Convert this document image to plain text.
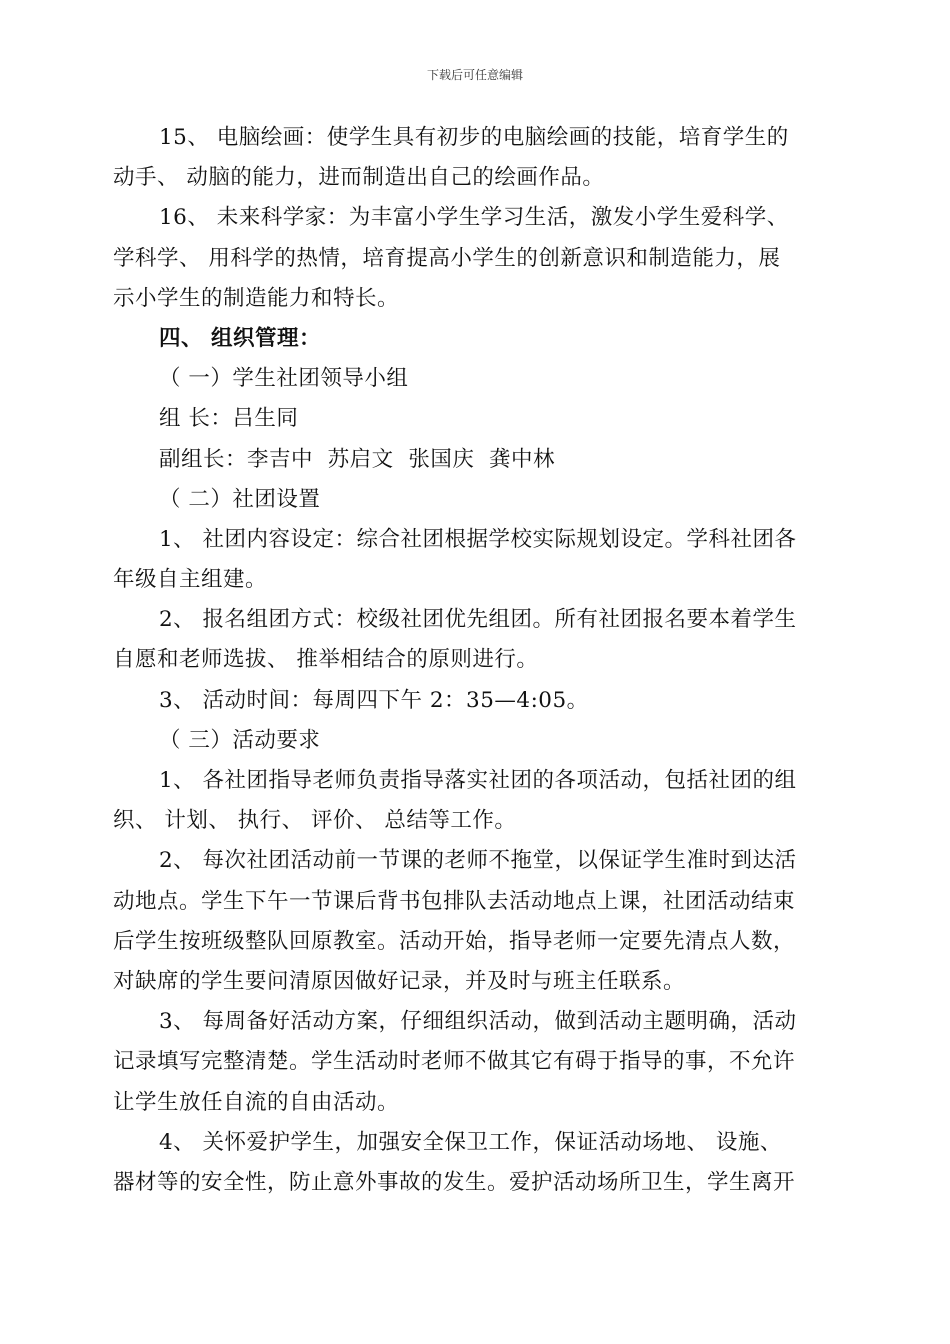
下载后可任意编辑
15、 电脑绘画：使学生具有初步的电脑绘画的技能，培育学生的
动手、 动脑的能力，进而制造出自己的绘画作品。
16、 未来科学家：为丰富小学生学习生活，激发小学生爱科学、
学科学、 用科学的热情，培育提高小学生的创新意识和制造能力，展
示小学生的制造能力和特长。
四、 组织管理：
（ 一）学生社团领导小组
组 长：吕生同
副组长：李吉中  苏启文  张国庆  龚中林
（ 二）社团设置
1、 社团内容设定：综合社团根据学校实际规划设定。学科社团各
年级自主组建。
2、 报名组团方式：校级社团优先组团。所有社团报名要本着学生
自愿和老师选拔、 推举相结合的原则进行。
3、 活动时间：每周四下午 2：35—4:05。
（ 三）活动要求
1、 各社团指导老师负责指导落实社团的各项活动，包括社团的组
织、 计划、 执行、 评价、 总结等工作。
2、 每次社团活动前一节课的老师不拖堂，以保证学生准时到达活
动地点。学生下午一节课后背书包排队去活动地点上课，社团活动结束
后学生按班级整队回原教室。活动开始，指导老师一定要先清点人数，
对缺席的学生要问清原因做好记录，并及时与班主任联系。
3、 每周备好活动方案，仔细组织活动，做到活动主题明确，活动
记录填写完整清楚。学生活动时老师不做其它有碍于指导的事，不允许
让学生放任自流的自由活动。
4、 关怀爱护学生，加强安全保卫工作，保证活动场地、 设施、
器材等的安全性，防止意外事故的发生。爱护活动场所卫生，学生离开
